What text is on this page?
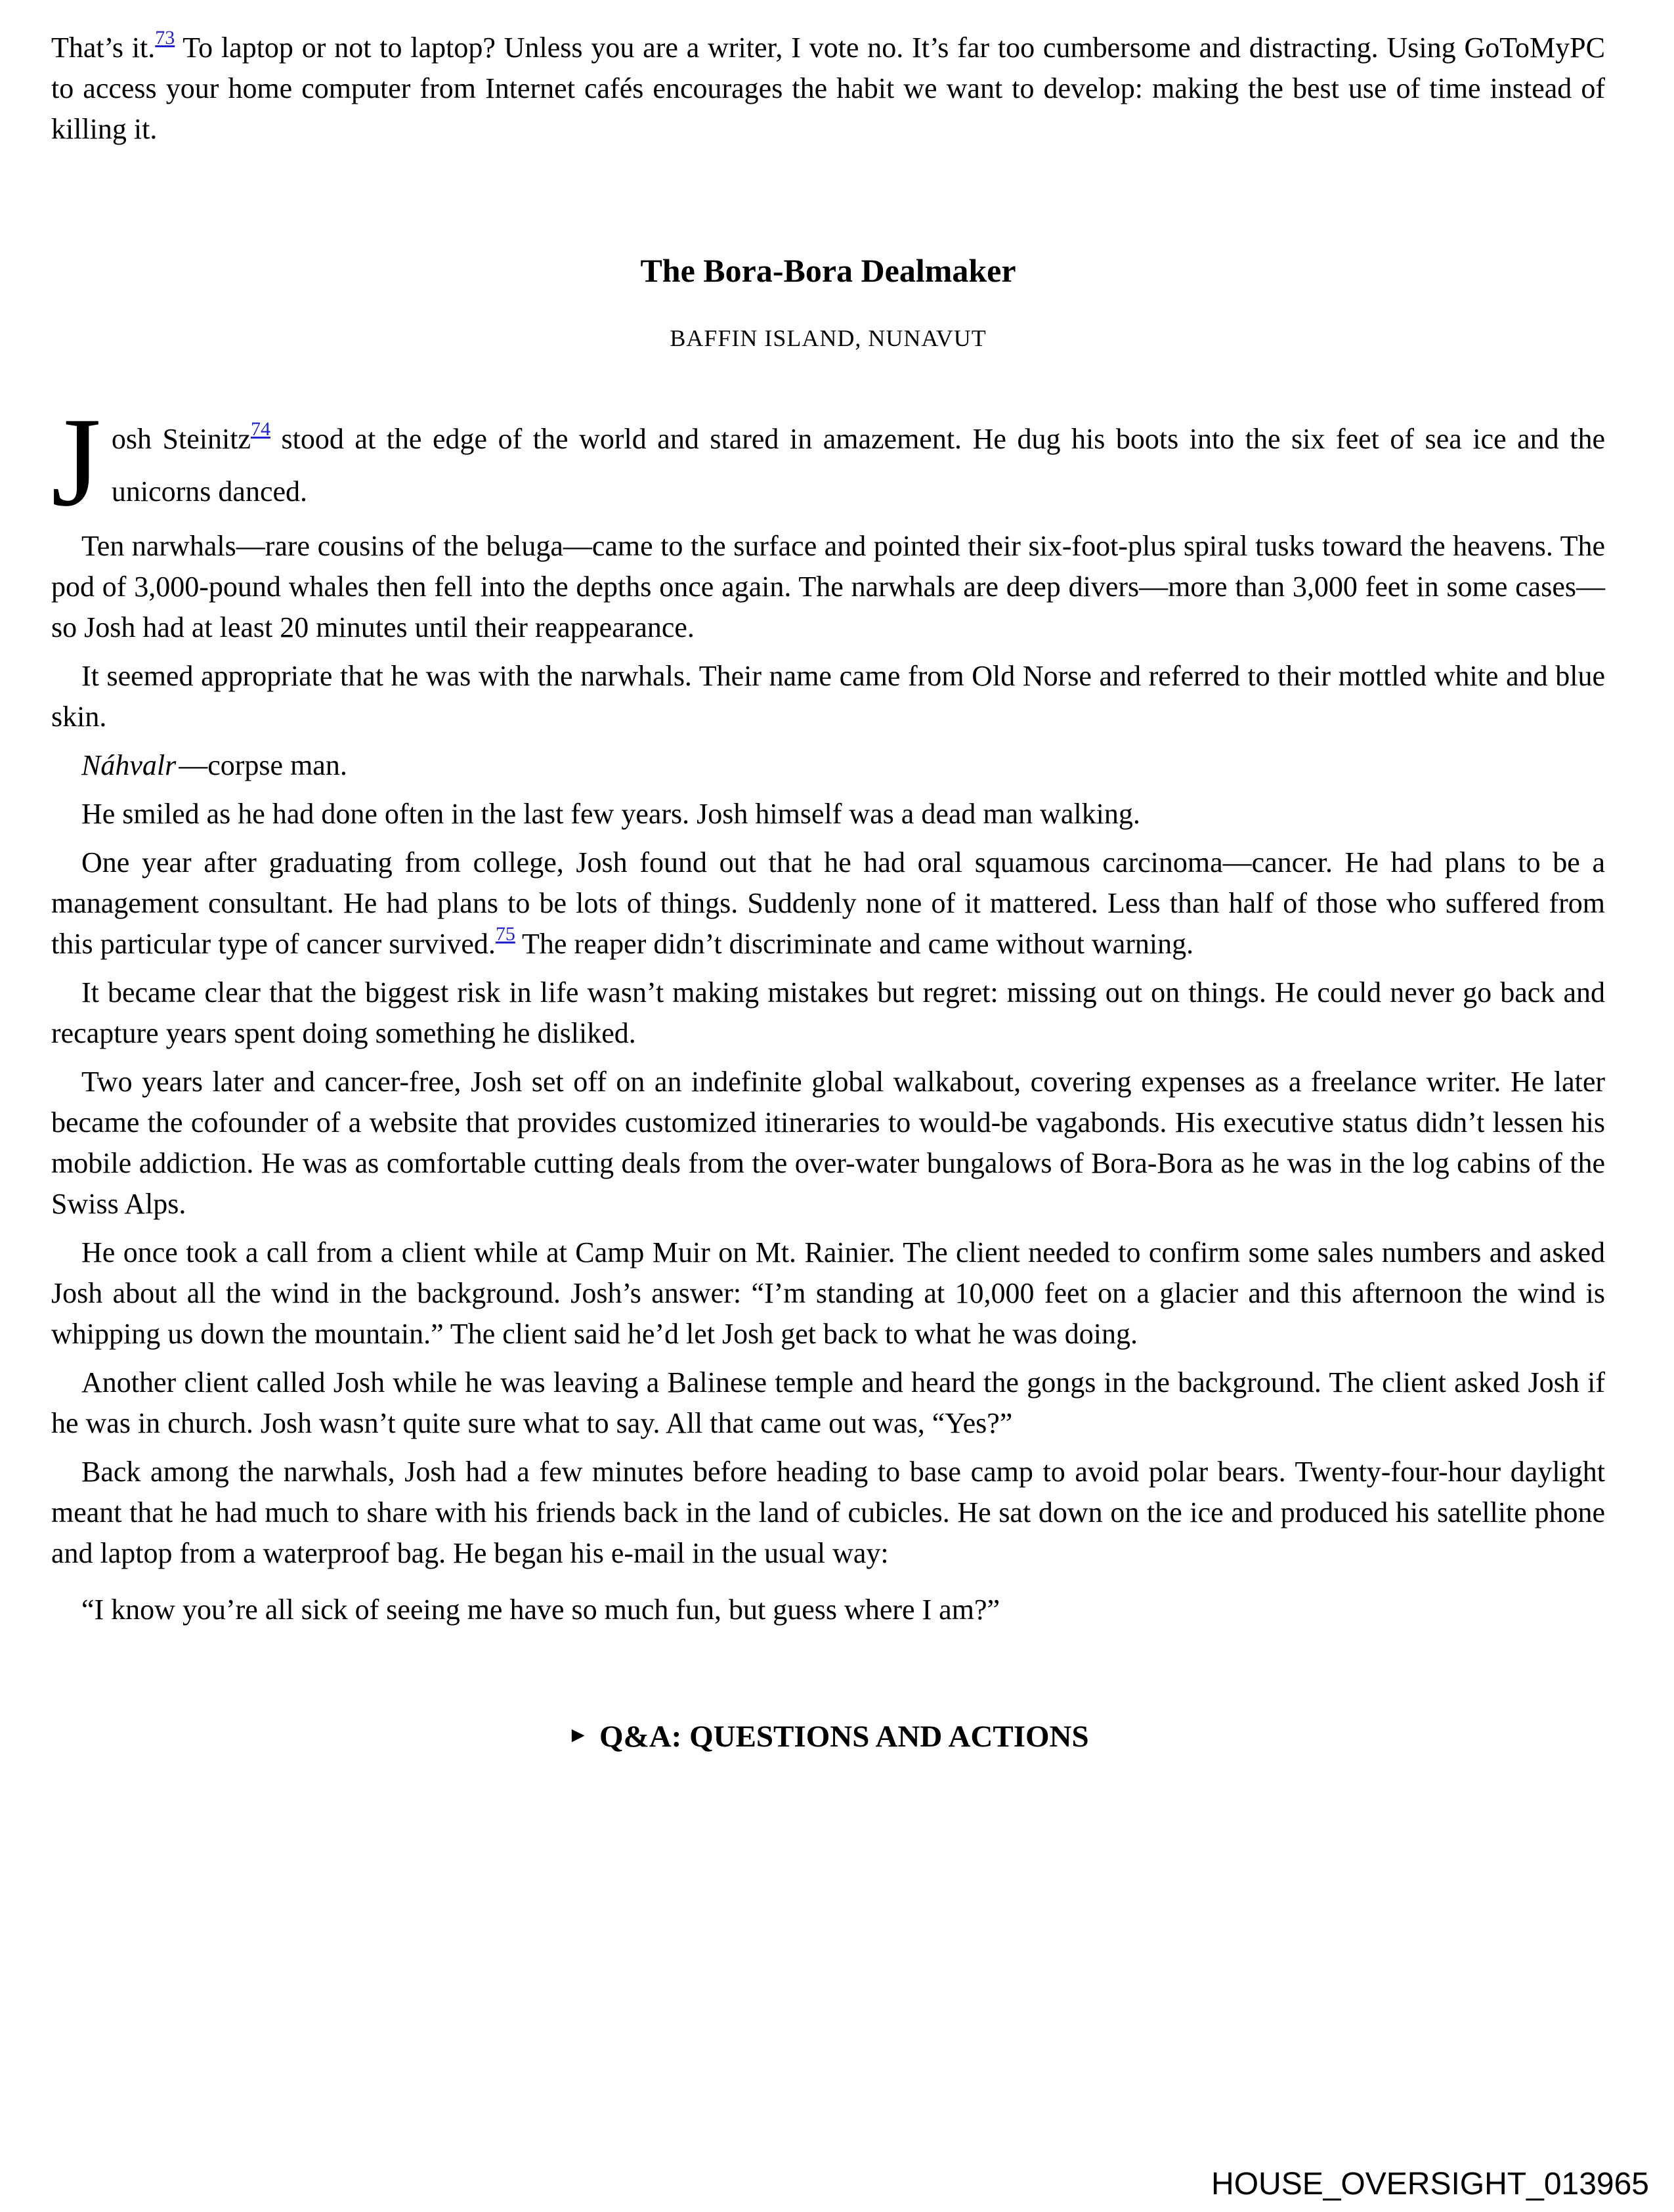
That’s it.$^{73}$ To laptop or not to laptop? Unless you are a writer, I vote no. It’s far too cumbersome and distracting. Using GoToMyPC to access your home computer from Internet cafés encourages the habit we want to develop: making the best use of time instead of killing it.

The Bora-Bora Dealmaker
BAFFIN ISLAND, NUNAVUT

Josh Steinitz$^{74}$ stood at the edge of the world and stared in amazement. He dug his boots into the six feet of sea ice and the unicorns danced.

Ten narwhals—rare cousins of the beluga—came to the surface and pointed their six-foot-plus spiral tusks toward the heavens. The pod of 3,000-pound whales then fell into the depths once again. The narwhals are deep divers—more than 3,000 feet in some cases—so Josh had at least 20 minutes until their reappearance.

It seemed appropriate that he was with the narwhals. Their name came from Old Norse and referred to their mottled white and blue skin.

Náhvalr—corpse man.

He smiled as he had done often in the last few years. Josh himself was a dead man walking.

One year after graduating from college, Josh found out that he had oral squamous carcinoma—cancer. He had plans to be a management consultant. He had plans to be lots of things. Suddenly none of it mattered. Less than half of those who suffered from this particular type of cancer survived.$^{75}$ The reaper didn’t discriminate and came without warning.

It became clear that the biggest risk in life wasn’t making mistakes but regret: missing out on things. He could never go back and recapture years spent doing something he disliked.

Two years later and cancer-free, Josh set off on an indefinite global walkabout, covering expenses as a freelance writer. He later became the cofounder of a website that provides customized itineraries to would-be vagabonds. His executive status didn’t lessen his mobile addiction. He was as comfortable cutting deals from the over-water bungalows of Bora-Bora as he was in the log cabins of the Swiss Alps.

He once took a call from a client while at Camp Muir on Mt. Rainier. The client needed to confirm some sales numbers and asked Josh about all the wind in the background. Josh’s answer: “I’m standing at 10,000 feet on a glacier and this afternoon the wind is whipping us down the mountain.” The client said he’d let Josh get back to what he was doing.

Another client called Josh while he was leaving a Balinese temple and heard the gongs in the background. The client asked Josh if he was in church. Josh wasn’t quite sure what to say. All that came out was, “Yes?”

Back among the narwhals, Josh had a few minutes before heading to base camp to avoid polar bears. Twenty-four-hour daylight meant that he had much to share with his friends back in the land of cubicles. He sat down on the ice and produced his satellite phone and laptop from a waterproof bag. He began his e-mail in the usual way:

“I know you’re all sick of seeing me have so much fun, but guess where I am?”

► Q&A: QUESTIONS AND ACTIONS
HOUSE_OVERSIGHT_013965
